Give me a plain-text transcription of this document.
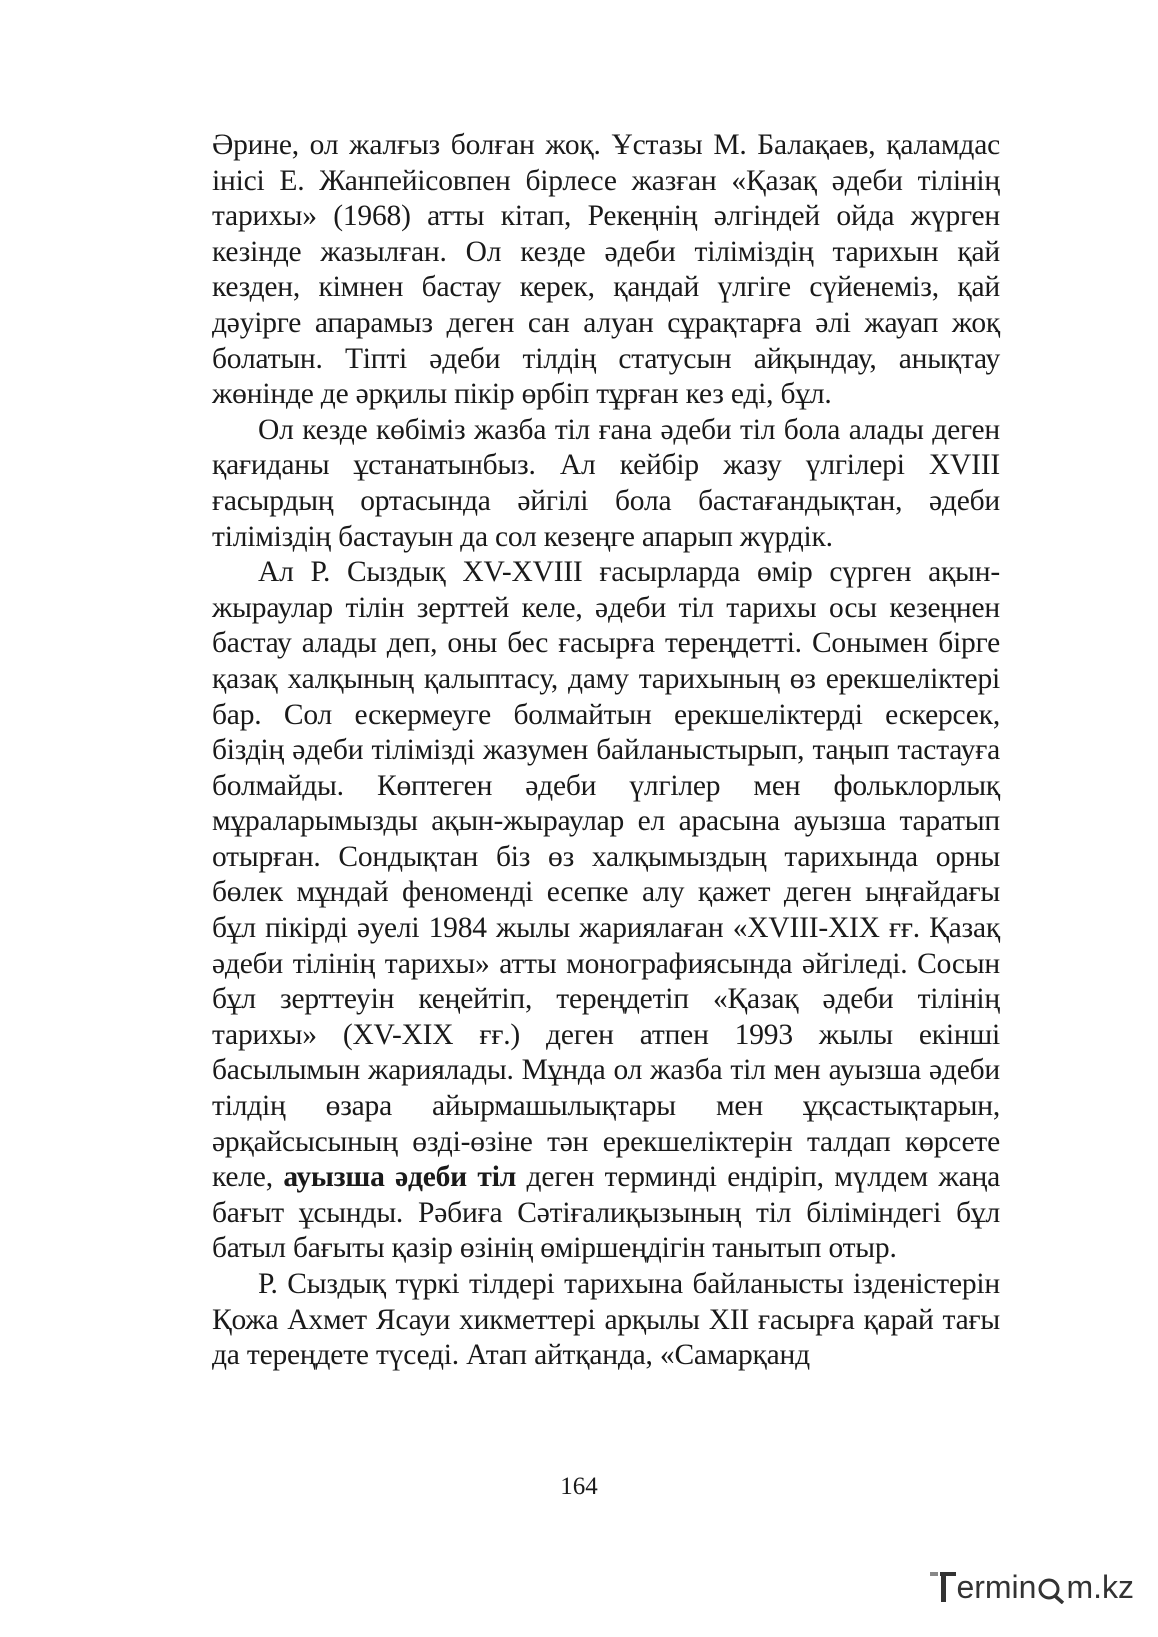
Әрине, ол жалғыз болған жоқ. Ұстазы М. Балақаев, қаламдас інісі Е. Жанпейісовпен бірлесе жазған «Қазақ әдеби тілінің тарихы» (1968) атты кітап, Рекеңнің әлгіндей ойда жүрген кезінде жазылған. Ол кезде әдеби тіліміздің тарихын қай кезден, кімнен бастау керек, қандай үлгіге сүйенеміз, қай дәуірге апарамыз деген сан алуан сұрақтарға әлі жауап жоқ болатын. Тіпті әдеби тілдің статусын айқындау, анықтау жөнінде де әрқилы пікір өрбіп тұрған кез еді, бұл.

Ол кезде көбіміз жазба тіл ғана әдеби тіл бола алады деген қағиданы ұстанатынбыз. Ал кейбір жазу үлгілері XVIII ғасырдың ортасында әйгілі бола бастағандықтан, әдеби тіліміздің бастауын да сол кезеңге апарып жүрдік.

Ал Р. Сыздық XV-XVIII ғасырларда өмір сүрген ақын-жыраулар тілін зерттей келе, әдеби тіл тарихы осы кезеңнен бастау алады деп, оны бес ғасырға тереңдетті. Сонымен бірге қазақ халқының қалыптасу, даму тарихының өз ерекшеліктері бар. Сол ескермеуге болмайтын ерекшеліктерді ескерсек, біздің әдеби тілімізді жазумен байланыстырып, таңып тастауға болмайды. Көптеген әдеби үлгілер мен фольклорлық мұраларымызды ақын-жыраулар ел арасына ауызша таратып отырған. Сондықтан біз өз халқымыздың тарихында орны бөлек мұндай феноменді есепке алу қажет деген ыңғайдағы бұл пікірді әуелі 1984 жылы жариялаған «XVIII-XIX ғғ. Қазақ әдеби тілінің тарихы» атты монографиясында әйгіледі. Сосын бұл зерттеуін кеңейтіп, тереңдетіп «Қазақ әдеби тілінің тарихы» (XV-XIX ғғ.) деген атпен 1993 жылы екінші басылымын жариялады. Мұнда ол жазба тіл мен ауызша әдеби тілдің өзара айырмашылықтары мен ұқсастықтарын, әрқайсысының өзді-өзіне тән ерекшеліктерін талдап көрсете келе, ауызша әдеби тіл деген терминді ендіріп, мүлдем жаңа бағыт ұсынды. Рәбиға Сәтіғалиқызының тіл біліміндегі бұл батыл бағыты қазір өзінің өміршеңдігін танытып отыр.

Р. Сыздық түркі тілдері тарихына байланысты ізденістерін Қожа Ахмет Ясауи хикметтері арқылы XII ғасырға қарай тағы да тереңдете түседі. Атап айтқанда, «Самарқанд

164
ermin m.kz
